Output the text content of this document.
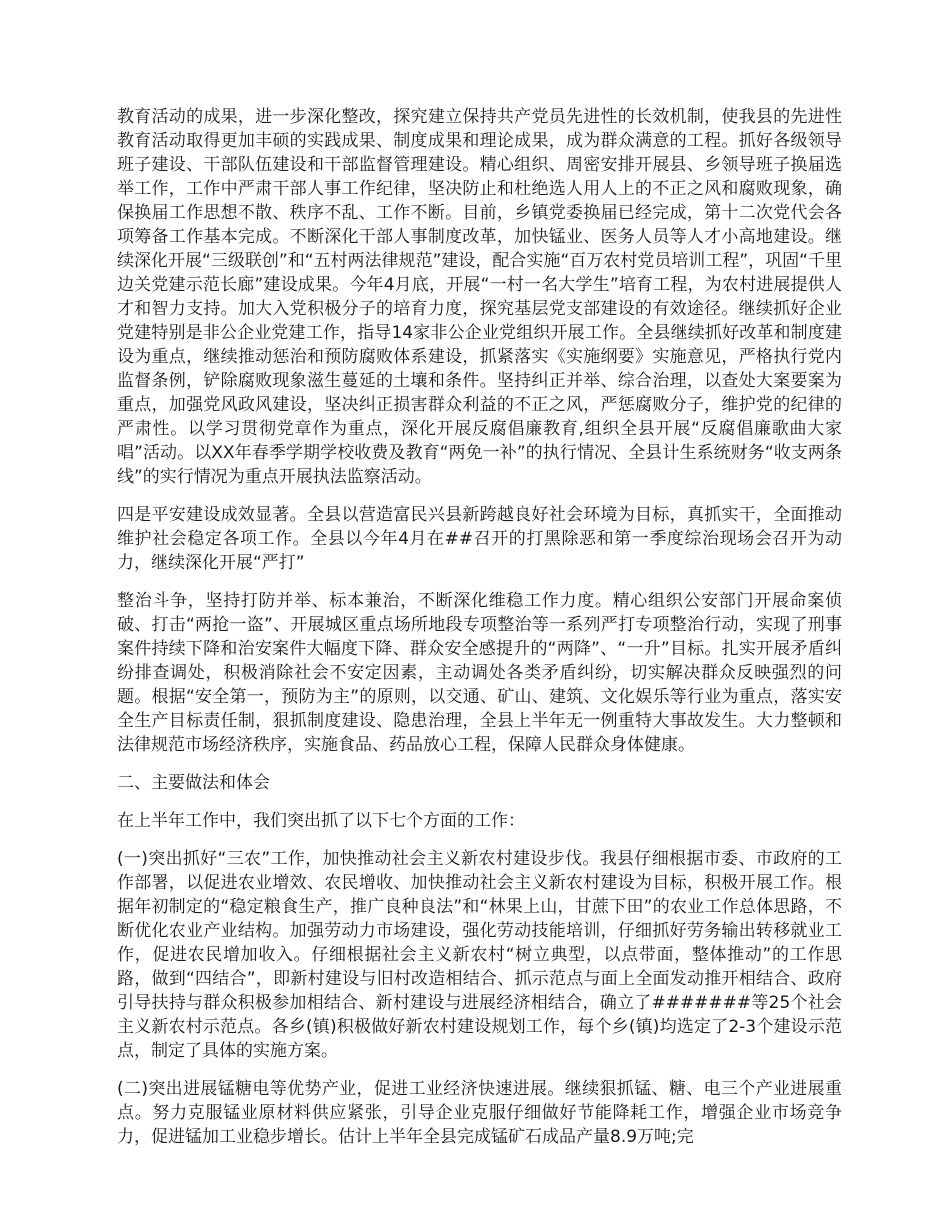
教育活动的成果，进一步深化整改，探究建立保持共产党员先进性的长效机制，使我县的先进性教育活动取得更加丰硕的实践成果、制度成果和理论成果，成为群众满意的工程。抓好各级领导班子建设、干部队伍建设和干部监督管理建设。精心组织、周密安排开展县、乡领导班子换届选举工作，工作中严肃干部人事工作纪律，坚决防止和杜绝选人用人上的不正之风和腐败现象，确保换届工作思想不散、秩序不乱、工作不断。目前，乡镇党委换届已经完成，第十二次党代会各项筹备工作基本完成。不断深化干部人事制度改革，加快锰业、医务人员等人才小高地建设。继续深化开展“三级联创”和“五村两法律规范”建设，配合实施“百万农村党员培训工程”，巩固“千里边关党建示范长廊”建设成果。今年4月底，开展“一村一名大学生”培育工程，为农村进展提供人才和智力支持。加大入党积极分子的培育力度，探究基层党支部建设的有效途径。继续抓好企业党建特别是非公企业党建工作，指导14家非公企业党组织开展工作。全县继续抓好改革和制度建设为重点，继续推动惩治和预防腐败体系建设，抓紧落实《实施纲要》实施意见，严格执行党内监督条例，铲除腐败现象滋生蔓延的土壤和条件。坚持纠正并举、综合治理，以查处大案要案为重点，加强党风政风建设，坚决纠正损害群众利益的不正之风，严惩腐败分子，维护党的纪律的严肃性。以学习贯彻党章作为重点，深化开展反腐倡廉教育,组织全县开展“反腐倡廉歌曲大家唱”活动。以XX年春季学期学校收费及教育“两免一补”的执行情况、全县计生系统财务“收支两条线”的实行情况为重点开展执法监察活动。

四是平安建设成效显著。全县以营造富民兴县新跨越良好社会环境为目标，真抓实干，全面推动维护社会稳定各项工作。全县以今年4月在##召开的打黑除恶和第一季度综治现场会召开为动力，继续深化开展“严打”

整治斗争，坚持打防并举、标本兼治，不断深化维稳工作力度。精心组织公安部门开展命案侦破、打击“两抢一盗”、开展城区重点场所地段专项整治等一系列严打专项整治行动，实现了刑事案件持续下降和治安案件大幅度下降、群众安全感提升的“两降”、“一升”目标。扎实开展矛盾纠纷排查调处，积极消除社会不安定因素，主动调处各类矛盾纠纷，切实解决群众反映强烈的问题。根据“安全第一，预防为主”的原则，以交通、矿山、建筑、文化娱乐等行业为重点，落实安全生产目标责任制，狠抓制度建设、隐患治理，全县上半年无一例重特大事故发生。大力整顿和法律规范市场经济秩序，实施食品、药品放心工程，保障人民群众身体健康。

二、主要做法和体会

在上半年工作中，我们突出抓了以下七个方面的工作：

(一)突出抓好“三农”工作，加快推动社会主义新农村建设步伐。我县仔细根据市委、市政府的工作部署，以促进农业增效、农民增收、加快推动社会主义新农村建设为目标，积极开展工作。根据年初制定的“稳定粮食生产，推广良种良法”和“林果上山，甘蔗下田”的农业工作总体思路，不断优化农业产业结构。加强劳动力市场建设，强化劳动技能培训，仔细抓好劳务输出转移就业工作，促进农民增加收入。仔细根据社会主义新农村“树立典型，以点带面，整体推动”的工作思路，做到“四结合”，即新村建设与旧村改造相结合、抓示范点与面上全面发动推开相结合、政府引导扶持与群众积极参加相结合、新村建设与进展经济相结合，确立了#######等25个社会主义新农村示范点。各乡(镇)积极做好新农村建设规划工作，每个乡(镇)均选定了2-3个建设示范点，制定了具体的实施方案。

(二)突出进展锰糖电等优势产业，促进工业经济快速进展。继续狠抓锰、糖、电三个产业进展重点。努力克服锰业原材料供应紧张，引导企业克服仔细做好节能降耗工作，增强企业市场竞争力，促进锰加工业稳步增长。估计上半年全县完成锰矿石成品产量8.9万吨;完
